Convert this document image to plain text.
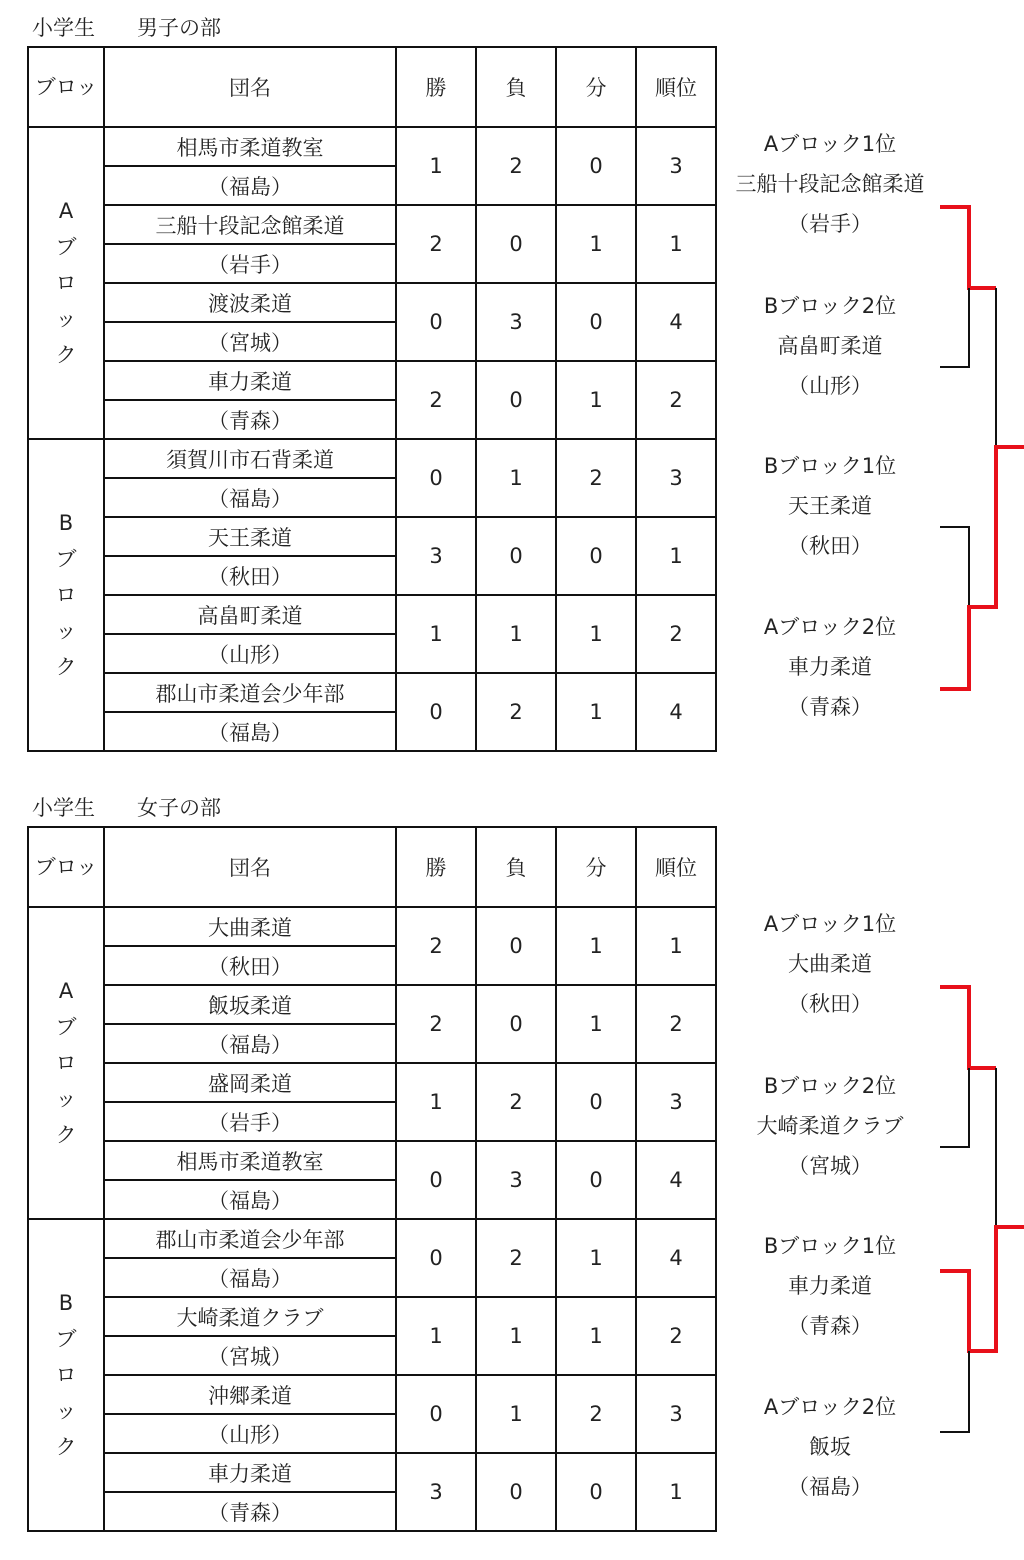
小学生　　男子の部
ブロッ	団名	勝	負	分	順位
Aブロック	相馬市柔道教室	1	2	0	3
	（福島）				
	三船十段記念館柔道	2	0	1	1
	（岩手）				
	渡波柔道	0	3	0	4
	（宮城）				
	車力柔道	2	0	1	2
	（青森）				
Bブロック	須賀川市石背柔道	0	1	2	3
	（福島）				
	天王柔道	3	0	0	1
	（秋田）				
	高畠町柔道	1	1	1	2
	（山形）				
	郡山市柔道会少年部	0	2	1	4
	（福島）				
Aブロック1位
三船十段記念館柔道
（岩手）
Bブロック2位
高畠町柔道
（山形）
Bブロック1位
天王柔道
（秋田）
Aブロック2位
車力柔道
（青森）
小学生　　女子の部
ブロッ	団名	勝	負	分	順位
Aブロック	大曲柔道	2	0	1	1
	（秋田）				
	飯坂柔道	2	0	1	2
	（福島）				
	盛岡柔道	1	2	0	3
	（岩手）				
	相馬市柔道教室	0	3	0	4
	（福島）				
Bブロック	郡山市柔道会少年部	0	2	1	4
	（福島）				
	大崎柔道クラブ	1	1	1	2
	（宮城）				
	沖郷柔道	0	1	2	3
	（山形）				
	車力柔道	3	0	0	1
	（青森）				
Aブロック1位
大曲柔道
（秋田）
Bブロック2位
大崎柔道クラブ
（宮城）
Bブロック1位
車力柔道
（青森）
Aブロック2位
飯坂
（福島）
